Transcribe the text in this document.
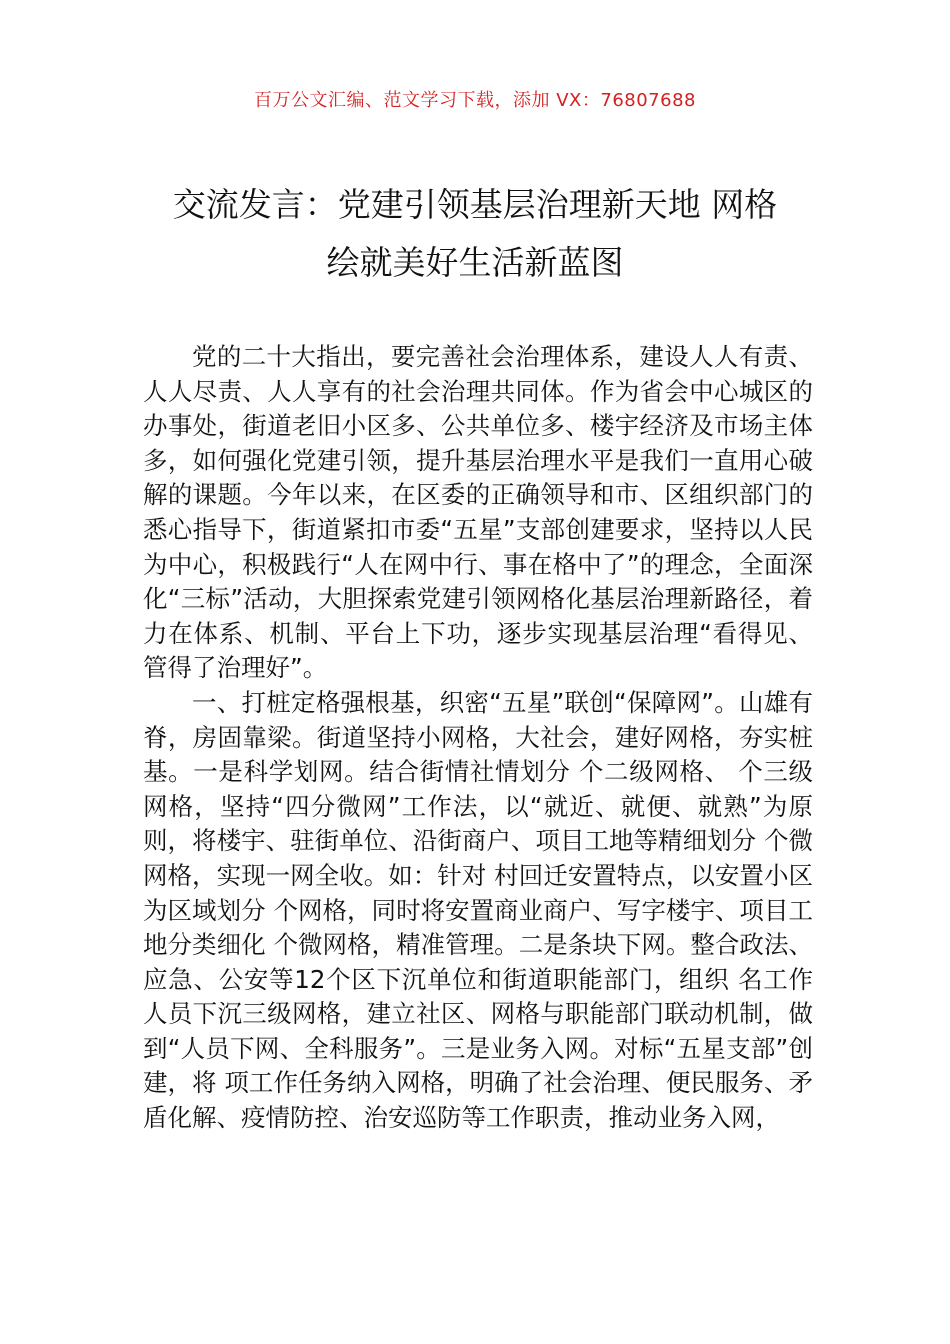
百万公文汇编、范文学习下载，添加 VX：76807688
交流发言：党建引领基层治理新天地 网格
绘就美好生活新蓝图

党的二十大指出，要完善社会治理体系，建设人人有责、人人尽责、人人享有的社会治理共同体。作为省会中心城区的办事处，街道老旧小区多、公共单位多、楼宇经济及市场主体多，如何强化党建引领，提升基层治理水平是我们一直用心破解的课题。今年以来，在区委的正确领导和市、区组织部门的悉心指导下，街道紧扣市委“五星”支部创建要求，坚持以人民为中心，积极践行“人在网中行、事在格中了”的理念，全面深化“三标”活动，大胆探索党建引领网格化基层治理新路径，着力在体系、机制、平台上下功，逐步实现基层治理“看得见、管得了治理好”。

一、打桩定格强根基，织密“五星”联创“保障网”。山雄有脊，房固靠梁。街道坚持小网格，大社会，建好网格，夯实桩基。一是科学划网。结合街情社情划分 个二级网格、 个三级网格，坚持“四分微网”工作法，以“就近、就便、就熟”为原则，将楼宇、驻街单位、沿街商户、项目工地等精细划分 个微网格，实现一网全收。如：针对 村回迁安置特点，以安置小区为区域划分 个网格，同时将安置商业商户、写字楼宇、项目工地分类细化 个微网格，精准管理。二是条块下网。整合政法、应急、公安等12个区下沉单位和街道职能部门，组织 名工作人员下沉三级网格，建立社区、网格与职能部门联动机制，做到“人员下网、全科服务”。三是业务入网。对标“五星支部”创建，将 项工作任务纳入网格，明确了社会治理、便民服务、矛盾化解、疫情防控、治安巡防等工作职责，推动业务入网，
